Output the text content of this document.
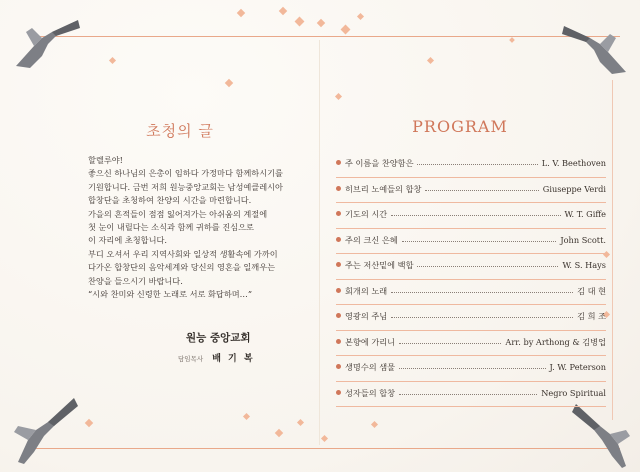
초청의 글

할렐루야!

좋으신 하나님의 은총이 임하다 가정마다 함께하시기를

기원합니다. 금번 저희 원능중앙교회는 남성예클레시아

합창단을 초청하여 찬양의 시간을 마련합니다.

가을의 흔적들이 점점 잃어져가는 아쉬움의 계절에

첫 눈이 내릴다는 소식과 함께 귀하를 진심으로

이 자리에 초청합니다.

부디 오셔서 우리 지역사회와 일상적 생활속에 가까이

다가온 합창단의 음악세계와 당신의 영혼을 일깨우는

찬양을 들으시기 바랍니다.

“시와 찬미와 신령한 노래로 서로 화답하며…”

원능 중앙교회
담임목사 배 기 복
PROGRAM
주 이름을 찬양함은	L. V. Beethoven
히브리 노예들의 합창	Giuseppe Verdi
기도의 시간	W. T. Giffe
주의 크신 은혜	John Scott.
주는 저산밑에 백합	W. S. Hays
회개의 노래	김 대 현
영광의 주님	김 희 조
본향에 가리니	Arr. by Arthong & 김병업
생명수의 샘물	J. W. Peterson
성자들의 합창	Negro Spiritual
